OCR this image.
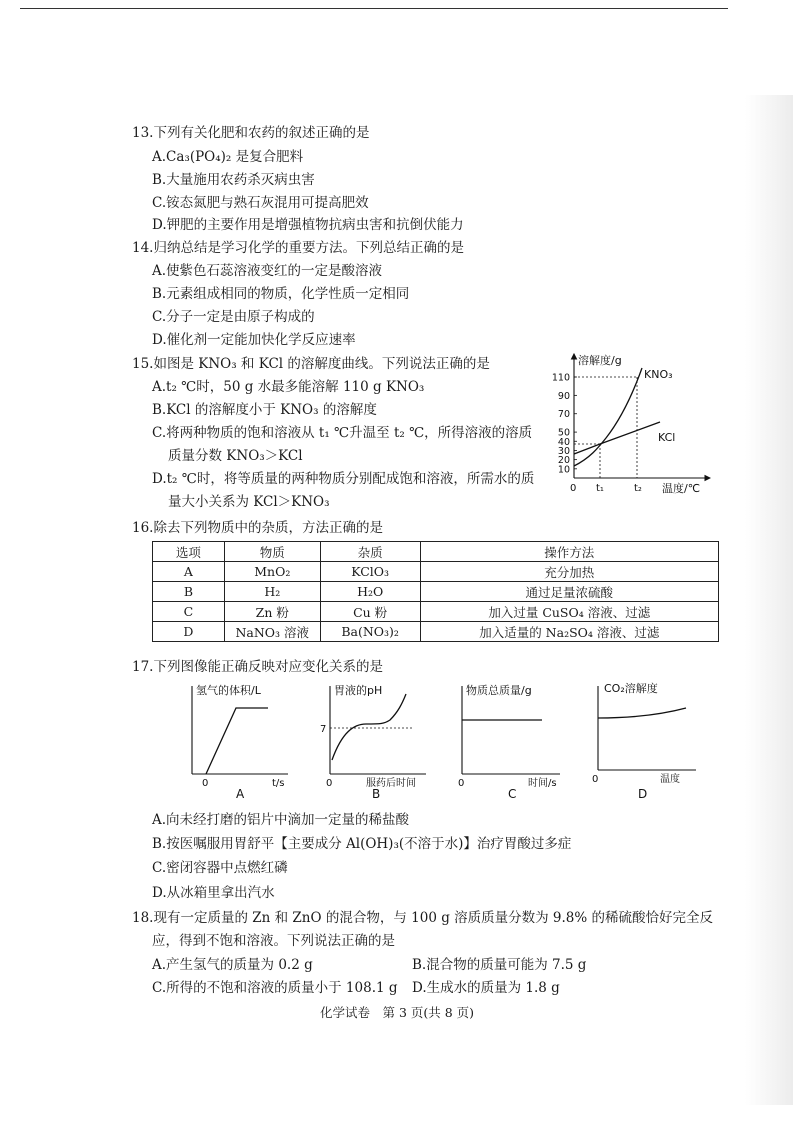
13.下列有关化肥和农药的叙述正确的是
A.Ca₃(PO₄)₂ 是复合肥料
B.大量施用农药杀灭病虫害
C.铵态氮肥与熟石灰混用可提高肥效
D.钾肥的主要作用是增强植物抗病虫害和抗倒伏能力
14.归纳总结是学习化学的重要方法。下列总结正确的是
A.使紫色石蕊溶液变红的一定是酸溶液
B.元素组成相同的物质，化学性质一定相同
C.分子一定是由原子构成的
D.催化剂一定能加快化学反应速率
15.如图是 KNO₃ 和 KCl 的溶解度曲线。下列说法正确的是
A.t₂ ℃时，50 g 水最多能溶解 110 g KNO₃
B.KCl 的溶解度小于 KNO₃ 的溶解度
C.将两种物质的饱和溶液从 t₁ ℃升温至 t₂ ℃，所得溶液的溶质
质量分数 KNO₃＞KCl
D.t₂ ℃时，将等质量的两种物质分别配成饱和溶液，所需水的质
量大小关系为 KCl＞KNO₃
溶解度/g
温度/℃
0
10
20
30
40
50
70
90
110
t₁	t₂
KNO₃
KCl
16.除去下列物质中的杂质，方法正确的是
选项	物质	杂质	操作方法
A	MnO₂	KClO₃	充分加热
B	H₂	H₂O	通过足量浓硫酸
C	Zn 粉	Cu 粉	加入过量 CuSO₄ 溶液、过滤
D	NaNO₃ 溶液	Ba(NO₃)₂	加入适量的 Na₂SO₄ 溶液、过滤
17.下列图像能正确反映对应变化关系的是
氢气的体积/L
t/s
0
A
胃液的pH
服药后时间
0
7
B
物质总质量/g
时间/s
0
C
CO₂溶解度
温度
0
D
A.向未经打磨的铝片中滴加一定量的稀盐酸
B.按医嘱服用胃舒平【主要成分 Al(OH)₃(不溶于水)】治疗胃酸过多症
C.密闭容器中点燃红磷
D.从冰箱里拿出汽水
18.现有一定质量的 Zn 和 ZnO 的混合物，与 100 g 溶质质量分数为 9.8% 的稀硫酸恰好完全反
应，得到不饱和溶液。下列说法正确的是
A.产生氢气的质量为 0.2 g	B.混合物的质量可能为 7.5 g
C.所得的不饱和溶液的质量小于 108.1 g D.生成水的质量为 1.8 g
化学试卷　第 3 页(共 8 页)
